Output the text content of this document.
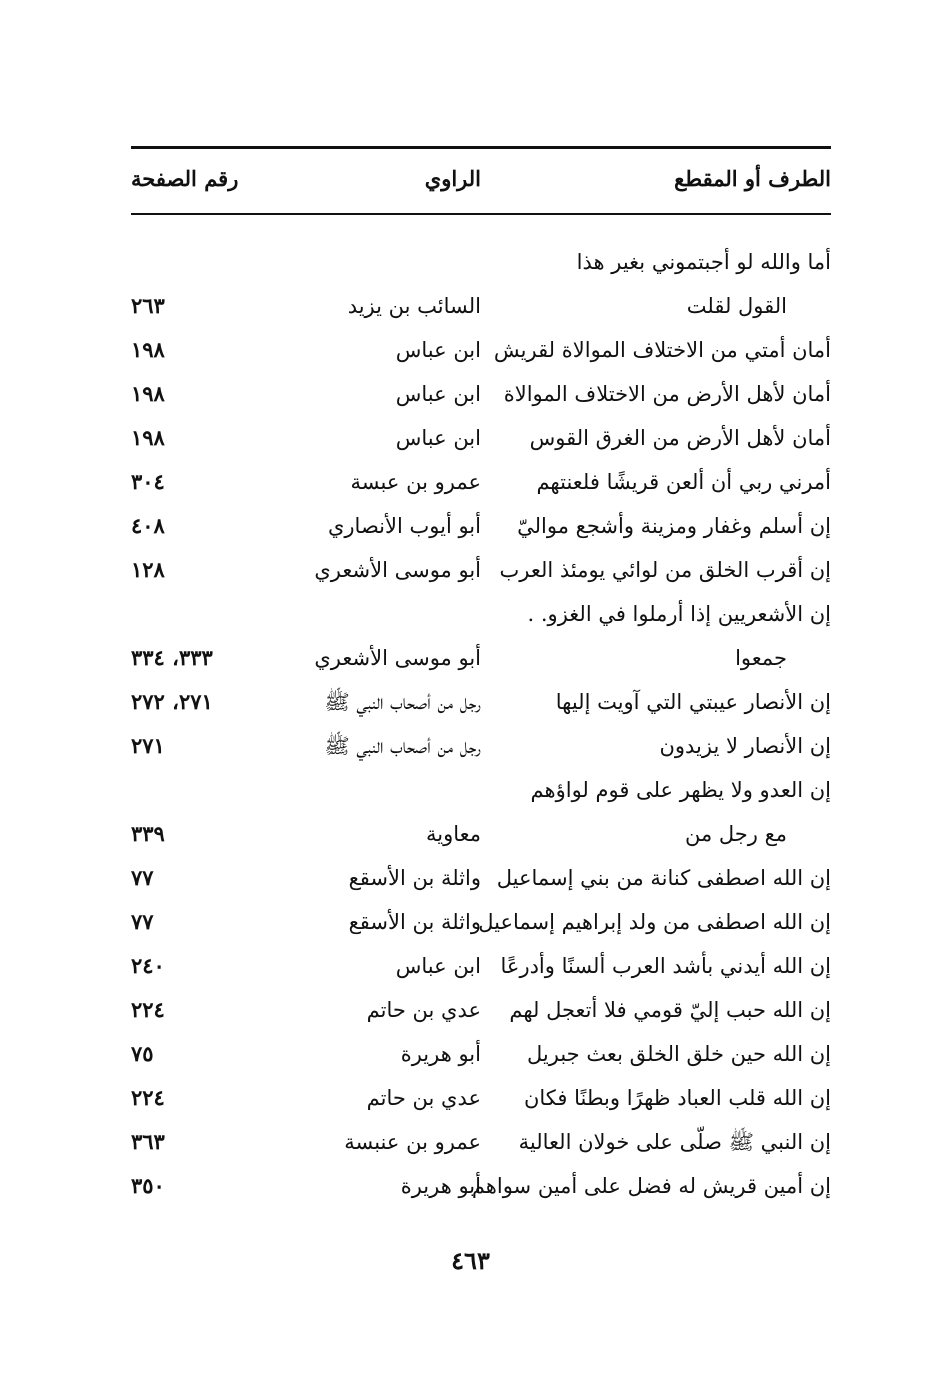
الطرف أو المقطع
الراوي
رقم الصفحة
أما والله لو أجبتموني بغير هذا
القول لقلت
السائب بن يزيد
٢٦٣
أمان أمتي من الاختلاف الموالاة لقريش
ابن عباس
١٩٨
أمان لأهل الأرض من الاختلاف الموالاة
ابن عباس
١٩٨
أمان لأهل الأرض من الغرق القوس
ابن عباس
١٩٨
أمرني ربي أن ألعن قريشًا فلعنتهم
عمرو بن عبسة
٣٠٤
إن أسلم وغفار ومزينة وأشجع مواليّ
أبو أيوب الأنصاري
٤٠٨
إن أقرب الخلق من لوائي يومئذ العرب
أبو موسى الأشعري
١٢٨
إن الأشعريين إذا أرملوا في الغزو. .
جمعوا
أبو موسى الأشعري
٣٣٣، ٣٣٤
إن الأنصار عيبتي التي آويت إليها
رجل من أصحاب النبي ﷺ
٢٧١، ٢٧٢
إن الأنصار لا يزيدون
رجل من أصحاب النبي ﷺ
٢٧١
إن العدو ولا يظهر على قوم لواؤهم
مع رجل من
معاوية
٣٣٩
إن الله اصطفى كنانة من بني إسماعيل
واثلة بن الأسقع
٧٧
إن الله اصطفى من ولد إبراهيم إسماعيل
واثلة بن الأسقع
٧٧
إن الله أيدني بأشد العرب ألسنًا وأدرعًا
ابن عباس
٢٤٠
إن الله حبب إليّ قومي فلا أتعجل لهم
عدي بن حاتم
٢٢٤
إن الله حين خلق الخلق بعث جبريل
أبو هريرة
٧٥
إن الله قلب العباد ظهرًا وبطنًا فكان
عدي بن حاتم
٢٢٤
إن النبي ﷺ صلّى على خولان العالية
عمرو بن عنبسة
٣٦٣
إن أمين قريش له فضل على أمين سواهم
أبو هريرة
٣٥٠
٤٦٣
